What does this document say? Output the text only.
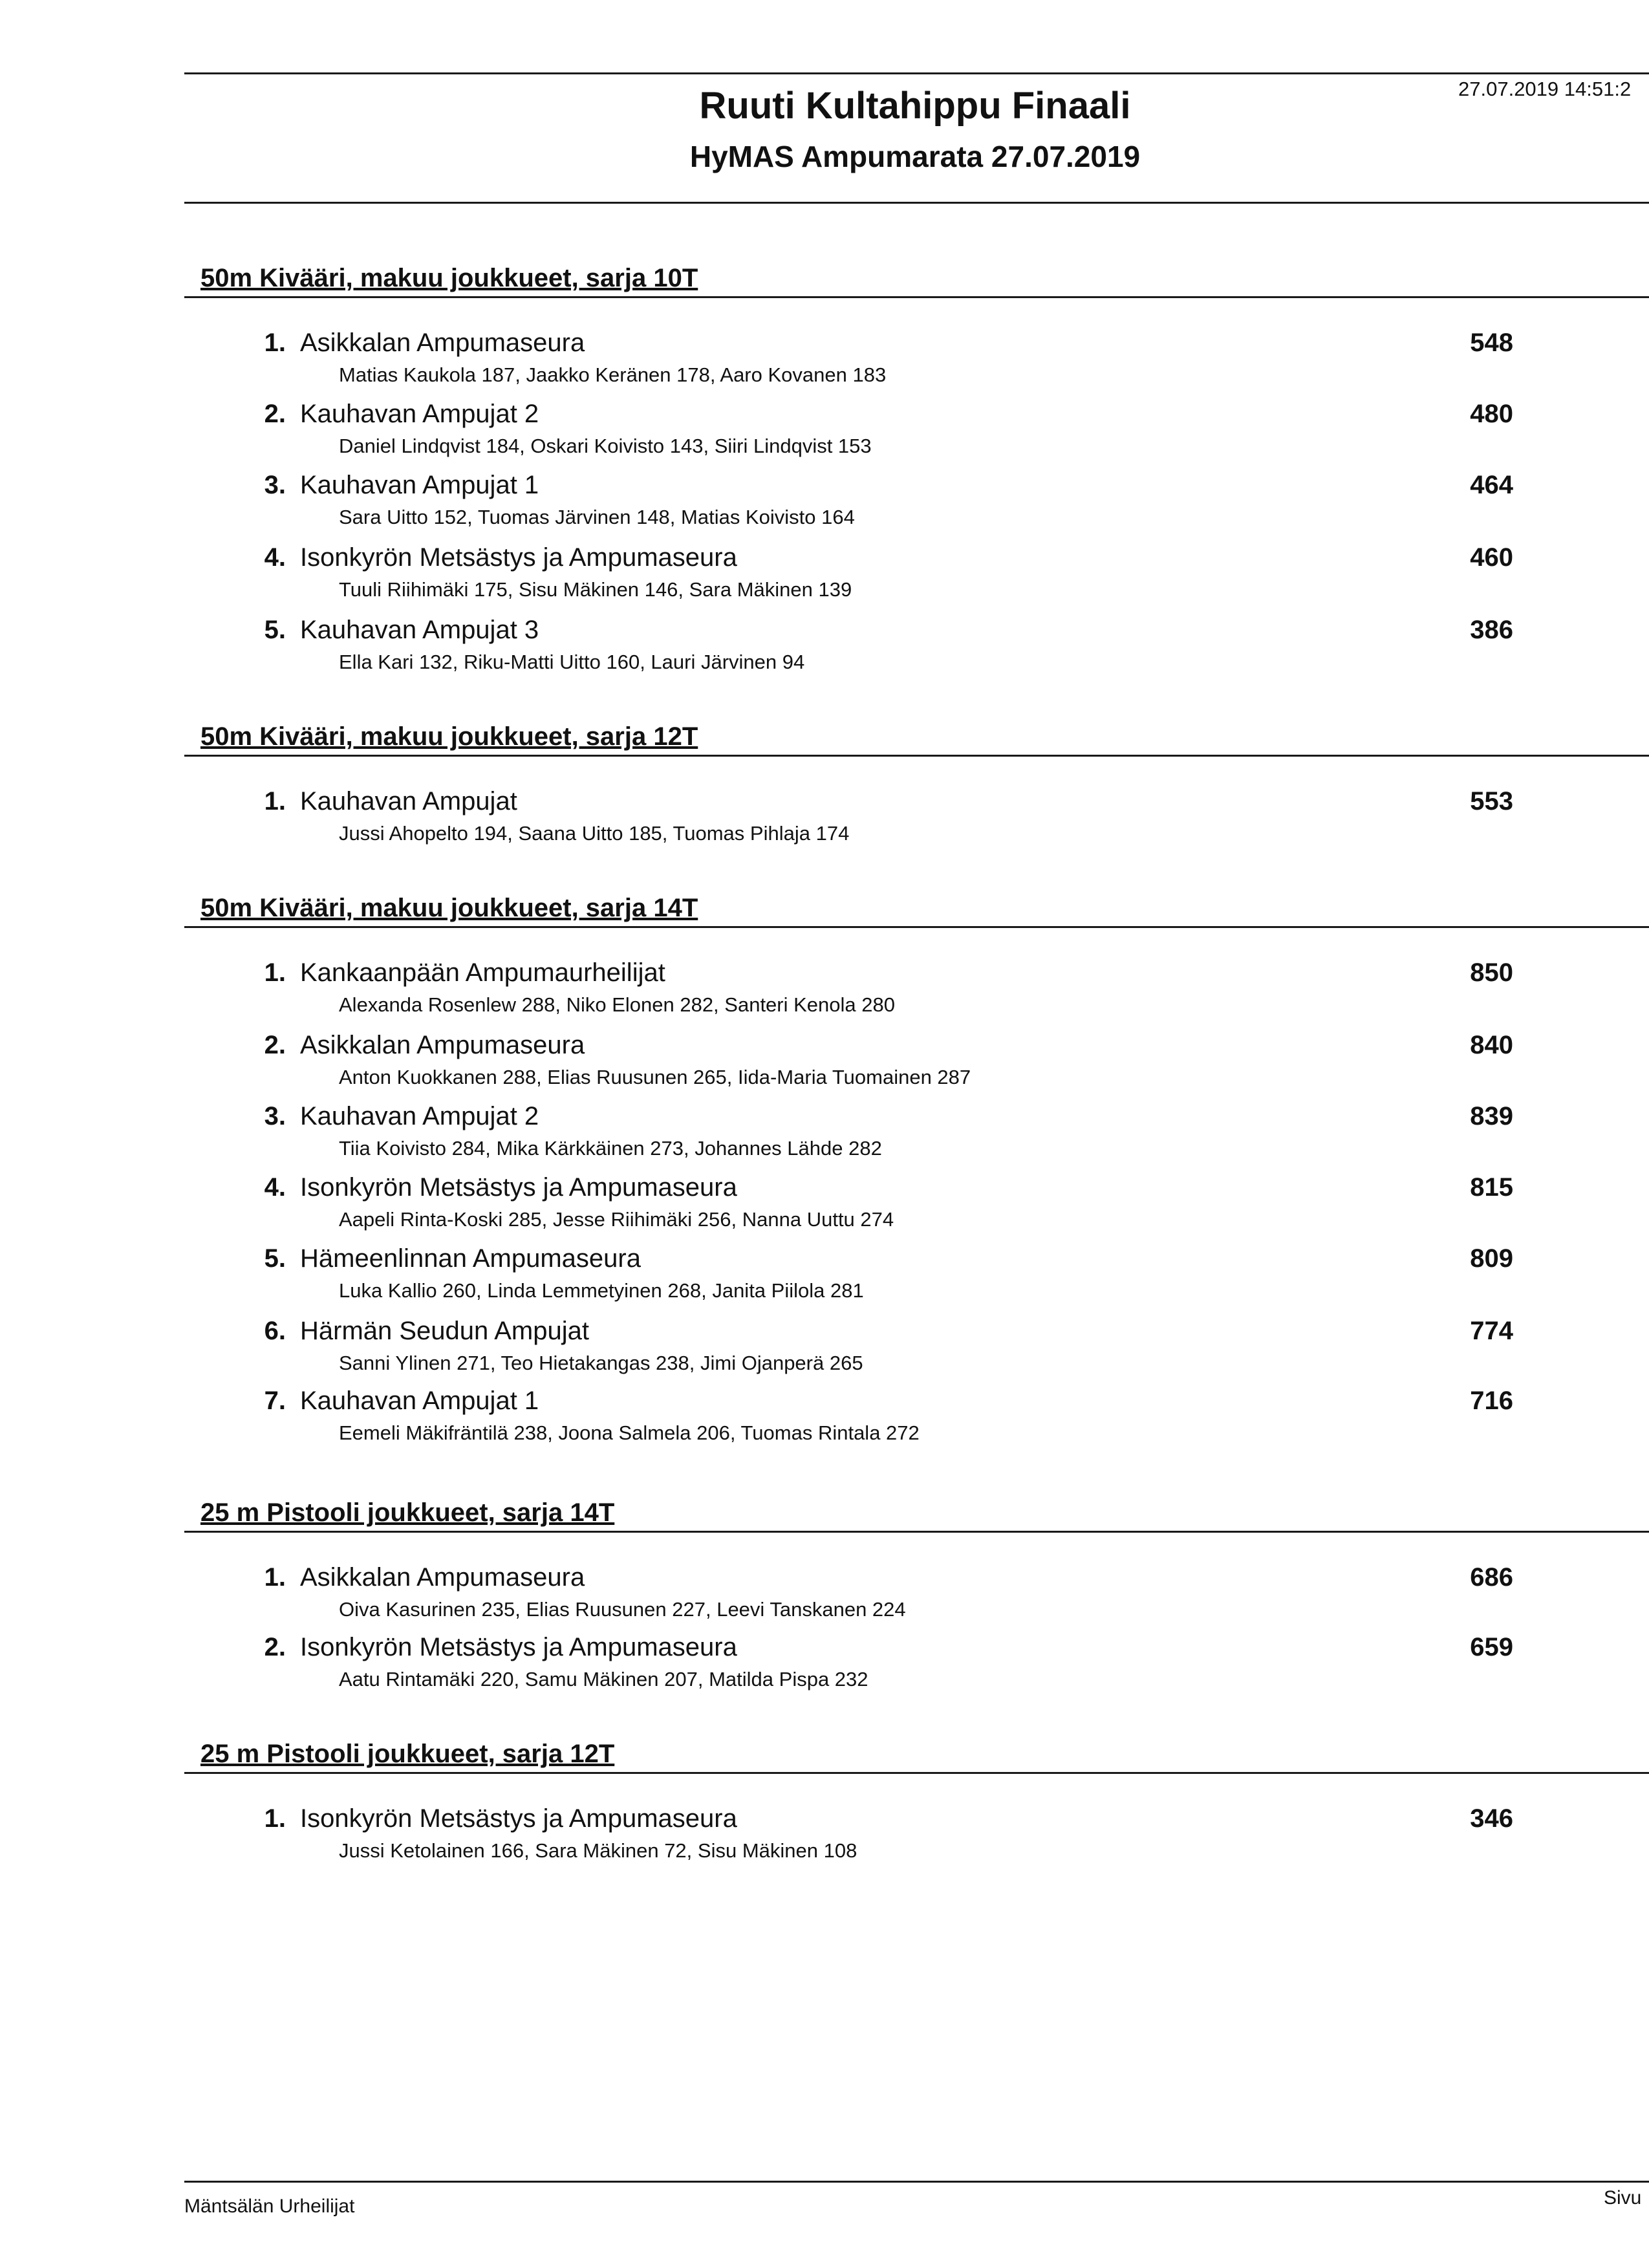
Ruuti Kultahippu Finaali
HyMAS Ampumarata 27.07.2019
27.07.2019 14:51:2
50m Kivääri, makuu joukkueet, sarja 10T
1. Asikkalan Ampumaseura	548
Matias Kaukola 187, Jaakko Keränen 178, Aaro Kovanen 183
2. Kauhavan Ampujat 2	480
Daniel Lindqvist 184, Oskari Koivisto 143, Siiri Lindqvist 153
3. Kauhavan Ampujat 1	464
Sara Uitto 152, Tuomas Järvinen 148, Matias Koivisto 164
4. Isonkyrön Metsästys ja Ampumaseura	460
Tuuli Riihimäki 175, Sisu Mäkinen 146, Sara Mäkinen 139
5. Kauhavan Ampujat 3	386
Ella Kari 132, Riku-Matti Uitto 160, Lauri Järvinen 94
50m Kivääri, makuu joukkueet, sarja 12T
1. Kauhavan Ampujat	553
Jussi Ahopelto 194, Saana Uitto 185, Tuomas Pihlaja 174
50m Kivääri, makuu joukkueet, sarja 14T
1. Kankaanpään Ampumaurheilijat	850
Alexanda Rosenlew 288, Niko Elonen 282, Santeri Kenola 280
2. Asikkalan Ampumaseura	840
Anton Kuokkanen 288, Elias Ruusunen 265, Iida-Maria Tuomainen 287
3. Kauhavan Ampujat 2	839
Tiia Koivisto 284, Mika Kärkkäinen 273, Johannes Lähde 282
4. Isonkyrön Metsästys ja Ampumaseura	815
Aapeli Rinta-Koski 285, Jesse Riihimäki 256, Nanna Uuttu 274
5. Hämeenlinnan Ampumaseura	809
Luka Kallio 260, Linda Lemmetyinen 268, Janita Piilola 281
6. Härmän Seudun Ampujat	774
Sanni Ylinen 271, Teo Hietakangas 238, Jimi Ojanperä 265
7. Kauhavan Ampujat 1	716
Eemeli Mäkifräntilä 238, Joona Salmela 206, Tuomas Rintala 272
25 m Pistooli joukkueet, sarja 14T
1. Asikkalan Ampumaseura	686
Oiva Kasurinen 235, Elias Ruusunen 227, Leevi Tanskanen 224
2. Isonkyrön Metsästys ja Ampumaseura	659
Aatu Rintamäki 220, Samu Mäkinen 207, Matilda Pispa 232
25 m Pistooli joukkueet, sarja 12T
1. Isonkyrön Metsästys ja Ampumaseura	346
Jussi Ketolainen 166, Sara Mäkinen 72, Sisu Mäkinen 108
Mäntsälän Urheilijat	Sivu
